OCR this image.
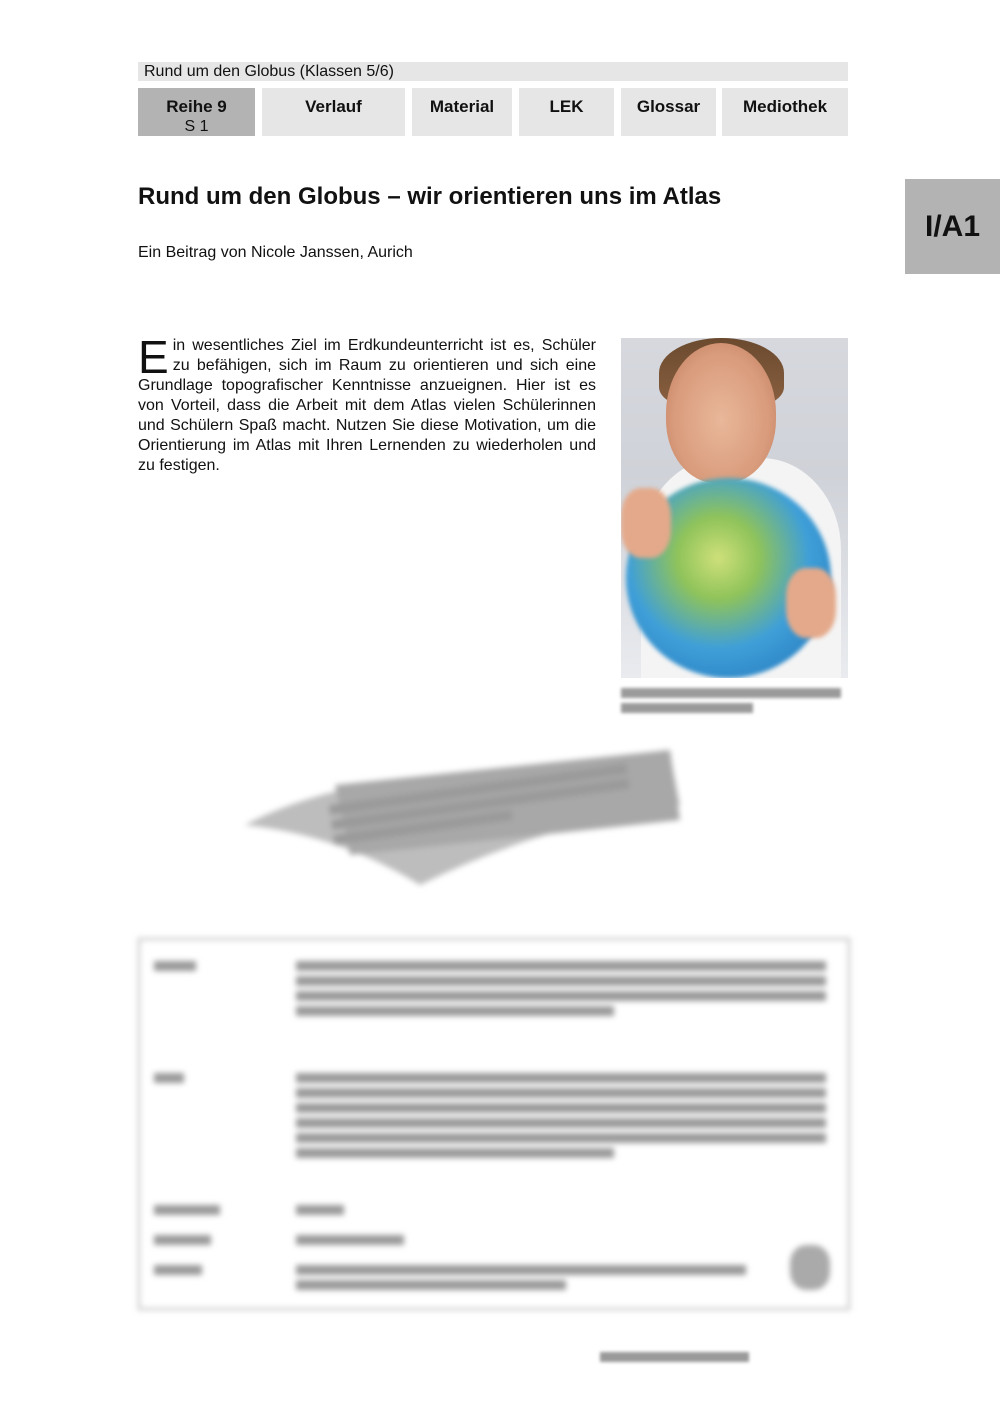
Rund um den Globus (Klassen 5/6)
Reihe 9
S 1
Verlauf	Material	LEK	Glossar	Mediothek
I/A1
Rund um den Globus – wir orientieren uns im Atlas
Ein Beitrag von Nicole Janssen, Aurich

Ein wesentliches Ziel im Erdkundeunterricht ist es, Schüler zu befähigen, sich im Raum zu orientieren und sich eine Grundlage topografischer Kenntnisse anzueignen. Hier ist es von Vorteil, dass die Arbeit mit dem Atlas vielen Schülerinnen und Schülern Spaß macht. Nutzen Sie diese Motivation, um die Orientierung im Atlas mit Ihren Lernenden zu wiederholen und zu festigen.
